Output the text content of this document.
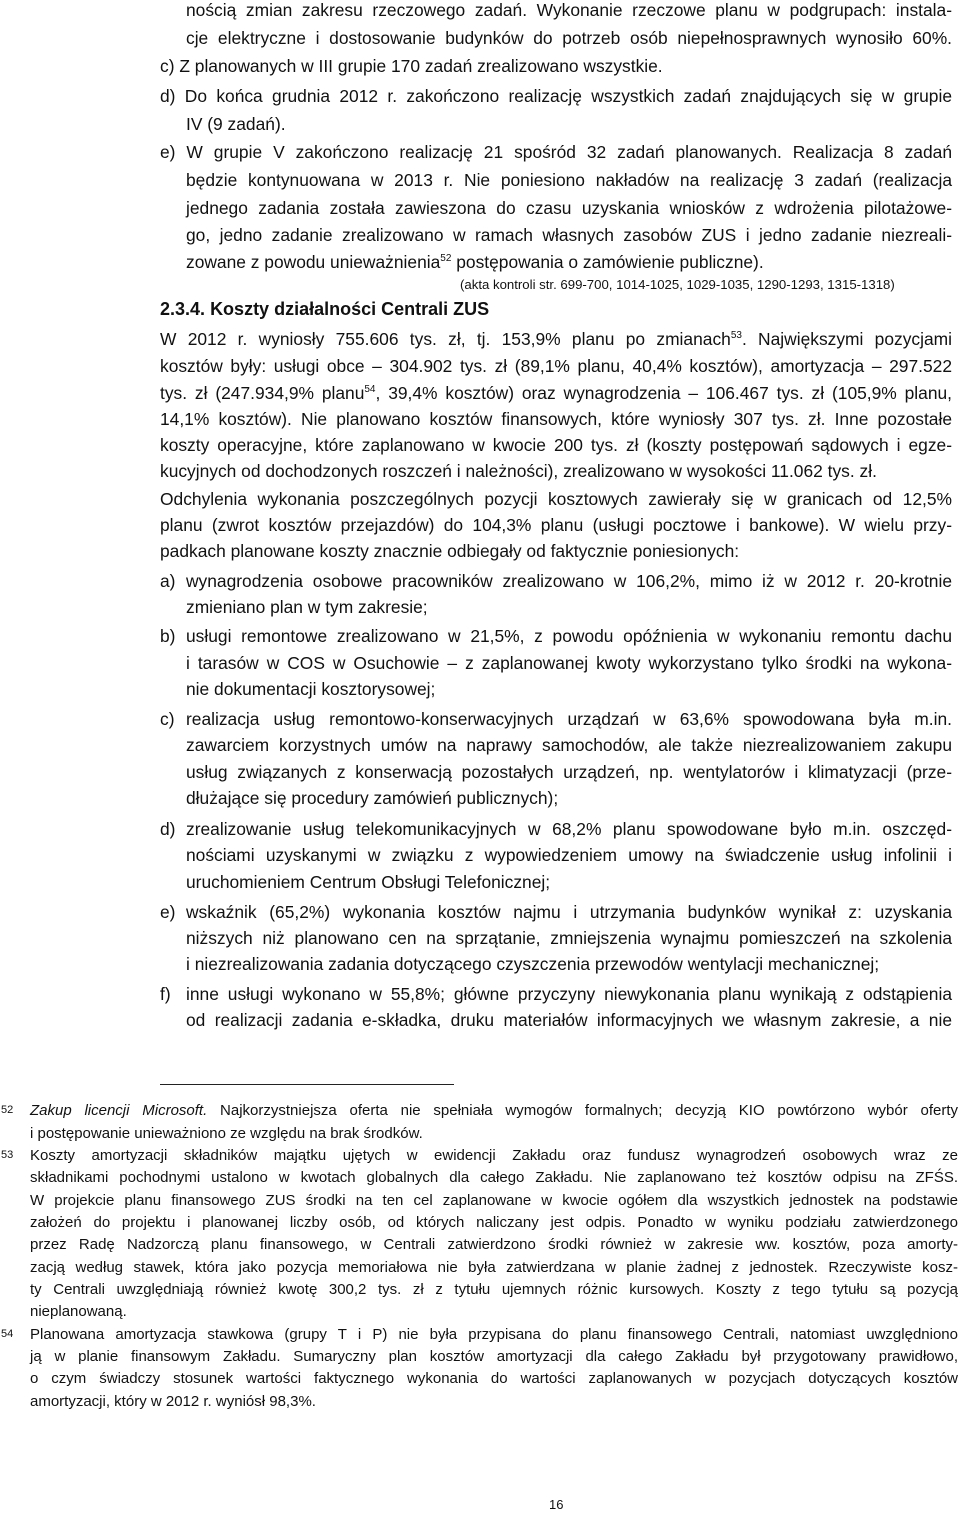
nością zmian zakresu rzeczowego zadań. Wykonanie rzeczowe planu w podgrupach: instala-
cje elektryczne i dostosowanie budynków do potrzeb osób niepełnosprawnych wynosiło 60%.
c) Z planowanych w III grupie 170 zadań zrealizowano wszystkie.
d) Do końca grudnia 2012 r. zakończono realizację wszystkich zadań znajdujących się w grupie
IV (9 zadań).
e) W grupie V zakończono realizację 21 spośród 32 zadań planowanych. Realizacja 8 zadań
będzie kontynuowana w 2013 r. Nie poniesiono nakładów na realizację 3 zadań (realizacja
jednego zadania została zawieszona do czasu uzyskania wniosków z wdrożenia pilotażowe-
go, jedno zadanie zrealizowano w ramach własnych zasobów ZUS i jedno zadanie niezreali-
zowane z powodu unieważnienia$^{52}$ postępowania o zamówienie publiczne).
(akta kontroli str. 699-700, 1014-1025, 1029-1035, 1290-1293, 1315-1318)
2.3.4. Koszty działalności Centrali ZUS
W 2012 r. wyniosły 755.606 tys. zł, tj. 153,9% planu po zmianach$^{53}$. Największymi pozycjami
kosztów były: usługi obce – 304.902 tys. zł (89,1% planu, 40,4% kosztów), amortyzacja – 297.522
tys. zł (247.934,9% planu$^{54}$, 39,4% kosztów) oraz wynagrodzenia – 106.467 tys. zł (105,9% planu,
14,1% kosztów). Nie planowano kosztów finansowych, które wyniosły 307 tys. zł. Inne pozostałe
koszty operacyjne, które zaplanowano w kwocie 200 tys. zł (koszty postępowań sądowych i egze-
kucyjnych od dochodzonych roszczeń i należności), zrealizowano w wysokości 11.062 tys. zł.
Odchylenia wykonania poszczególnych pozycji kosztowych zawierały się w granicach od 12,5%
planu (zwrot kosztów przejazdów) do 104,3% planu (usługi pocztowe i bankowe). W wielu przy-
padkach planowane koszty znacznie odbiegały od faktycznie poniesionych:
a) wynagrodzenia osobowe pracowników zrealizowano w 106,2%, mimo iż w 2012 r. 20-krotnie
zmieniano plan w tym zakresie;
b) usługi remontowe zrealizowano w 21,5%, z powodu opóźnienia w wykonaniu remontu dachu
i tarasów w COS w Osuchowie – z zaplanowanej kwoty wykorzystano tylko środki na wykona-
nie dokumentacji kosztorysowej;
c) realizacja usług remontowo-konserwacyjnych urządzań w 63,6% spowodowana była m.in.
zawarciem korzystnych umów na naprawy samochodów, ale także niezrealizowaniem zakupu
usług związanych z konserwacją pozostałych urządzeń, np. wentylatorów i klimatyzacji (prze-
dłużające się procedury zamówień publicznych);
d) zrealizowanie usług telekomunikacyjnych w 68,2% planu spowodowane było m.in. oszczęd-
nościami uzyskanymi w związku z wypowiedzeniem umowy na świadczenie usług infolinii i
uruchomieniem Centrum Obsługi Telefonicznej;
e) wskaźnik (65,2%) wykonania kosztów najmu i utrzymania budynków wynikał z: uzyskania
niższych niż planowano cen na sprzątanie, zmniejszenia wynajmu pomieszczeń na szkolenia
i niezrealizowania zadania dotyczącego czyszczenia przewodów wentylacji mechanicznej;
f) inne usługi wykonano w 55,8%; główne przyczyny niewykonania planu wynikają z odstąpienia
od realizacji zadania e-składka, druku materiałów informacyjnych we własnym zakresie, a nie
52 Zakup licencji Microsoft. Najkorzystniejsza oferta nie spełniała wymogów formalnych; decyzją KIO powtórzono wybór oferty
i postępowanie unieważniono ze względu na brak środków.
53 Koszty amortyzacji składników majątku ujętych w ewidencji Zakładu oraz fundusz wynagrodzeń osobowych wraz ze
składnikami pochodnymi ustalono w kwotach globalnych dla całego Zakładu. Nie zaplanowano też kosztów odpisu na ZFŚS.
W projekcie planu finansowego ZUS środki na ten cel zaplanowane w kwocie ogółem dla wszystkich jednostek na podstawie
założeń do projektu i planowanej liczby osób, od których naliczany jest odpis. Ponadto w wyniku podziału zatwierdzonego
przez Radę Nadzorczą planu finansowego, w Centrali zatwierdzono środki również w zakresie ww. kosztów, poza amorty-
zacją według stawek, która jako pozycja memoriałowa nie była zatwierdzana w planie żadnej z jednostek. Rzeczywiste kosz-
ty Centrali uwzględniają również kwotę 300,2 tys. zł z tytułu ujemnych różnic kursowych. Koszty z tego tytułu są pozycją
nieplanowaną.
54 Planowana amortyzacja stawkowa (grupy T i P) nie była przypisana do planu finansowego Centrali, natomiast uwzględniono
ją w planie finansowym Zakładu. Sumaryczny plan kosztów amortyzacji dla całego Zakładu był przygotowany prawidłowo,
o czym świadczy stosunek wartości faktycznego wykonania do wartości zaplanowanych w pozycjach dotyczących kosztów
amortyzacji, który w 2012 r. wyniósł 98,3%.
16
